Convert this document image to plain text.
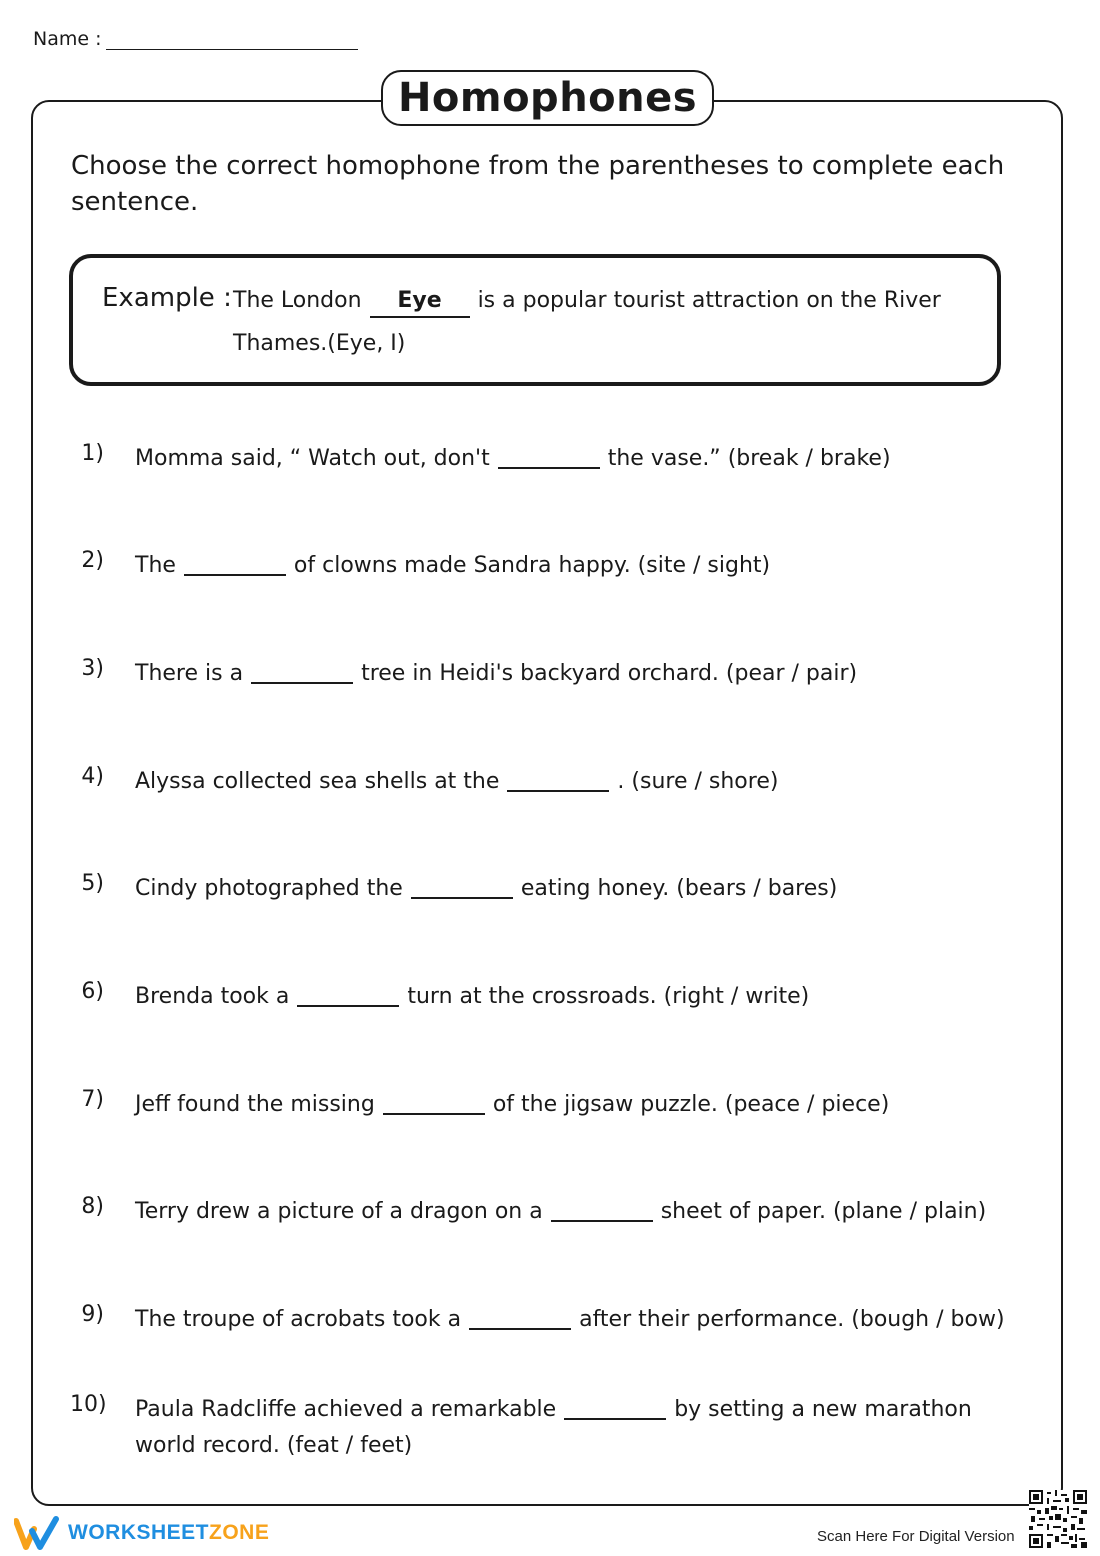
Name :
Homophones
Choose the correct homophone from the parentheses to complete each sentence.
Example : The London	Eye	is a popular tourist attraction on the River
Thames.(Eye, I)
1) Momma said, “ Watch out, don't	the vase.” (break / brake)
2) The	of clowns made Sandra happy. (site / sight)
3) There is a	tree in Heidi's backyard orchard. (pear / pair)
4) Alyssa collected sea shells at the	. (sure / shore)
5) Cindy photographed the	eating honey. (bears / bares)
6) Brenda took a	turn at the crossroads. (right / write)
7) Jeff found the missing	of the jigsaw puzzle. (peace / piece)
8) Terry drew a picture of a dragon on a	sheet of paper. (plane / plain)
9) The troupe of acrobats took a	after their performance. (bough / bow)
10) Paula Radcliffe achieved a remarkable	by setting a new marathon world record. (feat / feet)
WORKSHEETZONE	Scan Here For Digital Version
